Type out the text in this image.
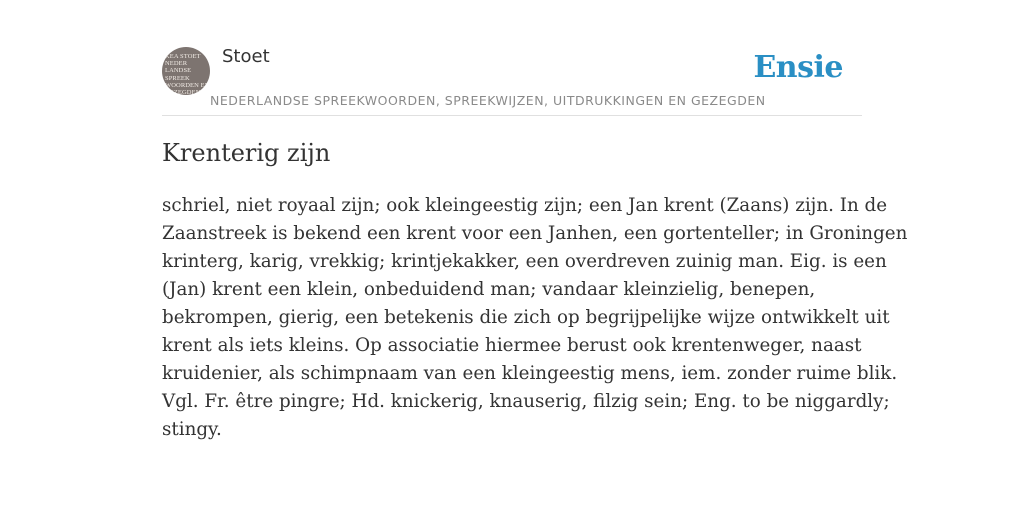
KEA STOET
NEDER
LANDSE
SPREEK
WOORDEN EN
GEZEGDEN
Stoet	Ensie
NEDERLANDSE SPREEKWOORDEN, SPREEKWIJZEN, UITDRUKKINGEN EN GEZEGDEN
Krenterig zijn
schriel, niet royaal zijn; ook kleingeestig zijn; een Jan krent (Zaans) zijn. In de
Zaanstreek is bekend een krent voor een Janhen, een gortenteller; in Groningen
krinterg, karig, vrekkig; krintjekakker, een overdreven zuinig man. Eig. is een
(Jan) krent een klein, onbeduidend man; vandaar kleinzielig, benepen,
bekrompen, gierig, een betekenis die zich op begrijpelijke wijze ontwikkelt uit
krent als iets kleins. Op associatie hiermee berust ook krentenweger, naast
kruidenier, als schimpnaam van een kleingeestig mens, iem. zonder ruime blik.
Vgl. Fr. être pingre; Hd. knickerig, knauserig, filzig sein; Eng. to be niggardly;
stingy.
